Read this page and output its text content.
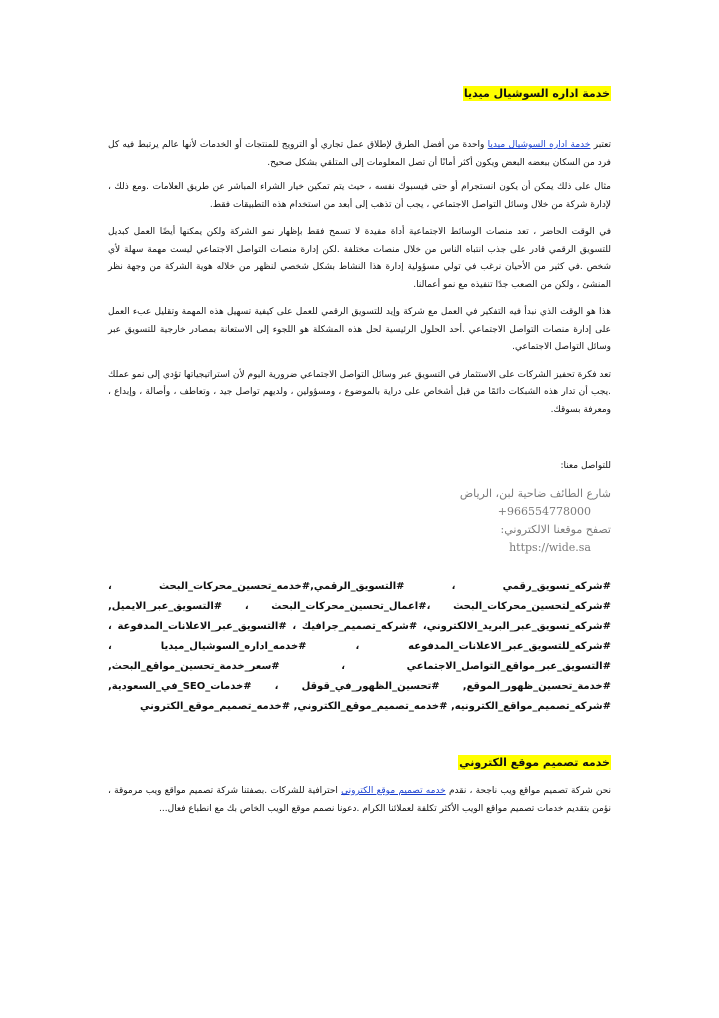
خدمة اداره السوشيال ميديا

تعتبر خدمة اداره السوشيال ميديا واحدة من أفضل الطرق لإطلاق عمل تجاري أو الترويج للمنتجات أو الخدمات لأنها عالم يرتبط فيه كل فرد من السكان ببعضه البعض ويكون أكثر أمانًا أن تصل المعلومات إلى المتلقي بشكل صحيح.

مثال على ذلك يمكن أن يكون انستجرام أو حتى فيسبوك نفسه ، حيث يتم تمكين خيار الشراء المباشر عن طريق العلامات .ومع ذلك ، لإدارة شركة من خلال وسائل التواصل الاجتماعي ، يجب أن تذهب إلى أبعد من استخدام هذه التطبيقات فقط.

في الوقت الحاضر ، تعد منصات الوسائط الاجتماعية أداة مفيدة لا تسمح فقط بإظهار نمو الشركة ولكن يمكنها أيضًا العمل كبديل للتسويق الرقمي قادر على جذب انتباه الناس من خلال منصات مختلفة .لكن إدارة منصات التواصل الاجتماعي ليست مهمة سهلة لأي شخص .في كثير من الأحيان نرغب في تولي مسؤولية إدارة هذا النشاط بشكل شخصي لنظهر من خلاله هوية الشركة من وجهة نظر المنشئ ، ولكن من الصعب جدًا تنفيذه مع نمو أعمالنا.

هذا هو الوقت الذي نبدأ فيه التفكير في العمل مع شركة وإيد للتسويق الرقمي للعمل على كيفية تسهيل هذه المهمة وتقليل عبء العمل على إدارة منصات التواصل الاجتماعي .أحد الحلول الرئيسية لحل هذه المشكلة هو اللجوء إلى الاستعانة بمصادر خارجية للتسويق عبر وسائل التواصل الاجتماعي.

تعد فكرة تحفيز الشركات على الاستثمار في التسويق عبر وسائل التواصل الاجتماعي ضرورية اليوم لأن استراتيجياتها تؤدي إلى نمو عملك .يجب أن تدار هذه الشبكات دائمًا من قبل أشخاص على دراية بالموضوع ، ومسؤولين ، ولديهم تواصل جيد ، وتعاطف ، وأصالة ، وإبداع ، ومعرفة بسوقك.

للتواصل معنا:
شارع الطائف ضاحية لبن، الرياض
+966554778000
تصفح موقعنا الالكتروني:
https://wide.sa

#شركه_تسويق_رقمي ، #التسويق_الرقمي,#خدمه_تحسين_محركات_البحث ، #شركه_لتحسين_محركات_البحث ،#اعمال_تحسين_محركات_البحث ، #التسويق_عبر_الايميل, #شركه_تسويق_عبر_البريد_الالكتروني، #شركه_تصميم_جرافيك ، #التسويق_عبر_الاعلانات_المدفوعة ، #شركه_للتسويق_عبر_الاعلانات_المدفوعه ، #خدمه_اداره_السوشيال_ميديا ، #التسويق_عبر_مواقع_التواصل_الاجتماعي ، #سعر_خدمة_تحسين_مواقع_البحث, #خدمة_تحسين_ظهور_الموقع, #تحسين_الظهور_في_قوقل ، #خدمات_SEO_في_السعودية, #شركه_تصميم_مواقع_الكترونيه, #خدمه_تصميم_موقع_الكتروني, #خدمه_تصميم_موقع_الكتروني

خدمه تصميم موقع الكتروني

نحن شركة تصميم مواقع ويب ناجحة ، نقدم خدمه تصميم موقع الكتروني احترافية للشركات .بصفتنا شركة تصميم مواقع ويب مرموقة ، نؤمن بتقديم خدمات تصميم مواقع الويب الأكثر تكلفة لعملائنا الكرام .دعونا نصمم موقع الويب الخاص بك مع انطباع فعال...
